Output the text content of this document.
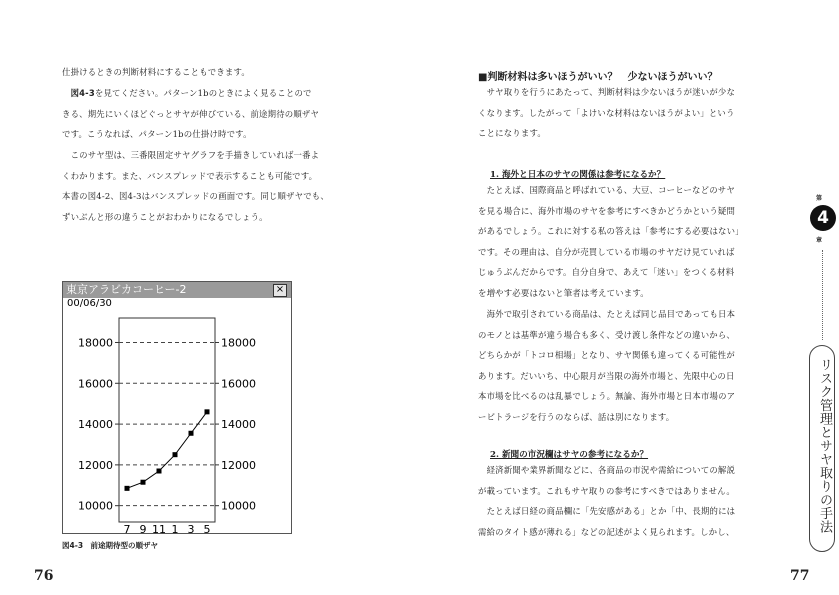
仕掛けるときの判断材料にすることもできます。

　図4-3を見てください。パターン1bのときによく見ることので

きる、期先にいくほどぐっとサヤが伸びている、前途期待の順ザヤ

です。こうなれば、パターン1bの仕掛け時です。

　このサヤ型は、三番限固定サヤグラフを手描きしていれば一番よ

くわかります。また、バンスプレッドで表示することも可能です。

本書の図4-2、図4-3はバンスプレッドの画面です。同じ順ザヤでも、

ずいぶんと形の違うことがおわかりになるでしょう。

東京アラビカコーヒー-2	×
00/06/30
10000	10000
12000	12000
14000	14000
16000	16000
18000	18000
7 9 11 1 3 5
図4-3　前途期待型の順ザヤ
76
■判断材料は多いほうがいい？　少ないほうがいい？

　サヤ取りを行うにあたって、判断材料は少ないほうが迷いが少な

くなります。したがって「よけいな材料はないほうがよい」という

ことになります。

1. 海外と日本のサヤの関係は参考になるか？

　たとえば、国際商品と呼ばれている、大豆、コーヒーなどのサヤ

を見る場合に、海外市場のサヤを参考にすべきかどうかという疑問

があるでしょう。これに対する私の答えは「参考にする必要はない」

です。その理由は、自分が売買している市場のサヤだけ見ていれば

じゅうぶんだからです。自分自身で、あえて「迷い」をつくる材料

を増やす必要はないと筆者は考えています。

　海外で取引されている商品は、たとえば同じ品目であっても日本

のモノとは基準が違う場合も多く、受け渡し条件などの違いから、

どちらかが「トコロ相場」となり、サヤ関係も違ってくる可能性が

あります。だいいち、中心限月が当限の海外市場と、先限中心の日

本市場を比べるのは乱暴でしょう。無論、海外市場と日本市場のア

ービトラージを行うのならば、話は別になります。

2. 新聞の市況欄はサヤの参考になるか？

　経済新聞や業界新聞などに、各商品の市況や需給についての解説

が載っています。これもサヤ取りの参考にすべきではありません。

　たとえば日経の商品欄に「先安感がある」とか「中、長期的には

需給のタイト感が薄れる」などの記述がよく見られます。しかし、

77
第
4
章
リスク管理とサヤ取りの手法
